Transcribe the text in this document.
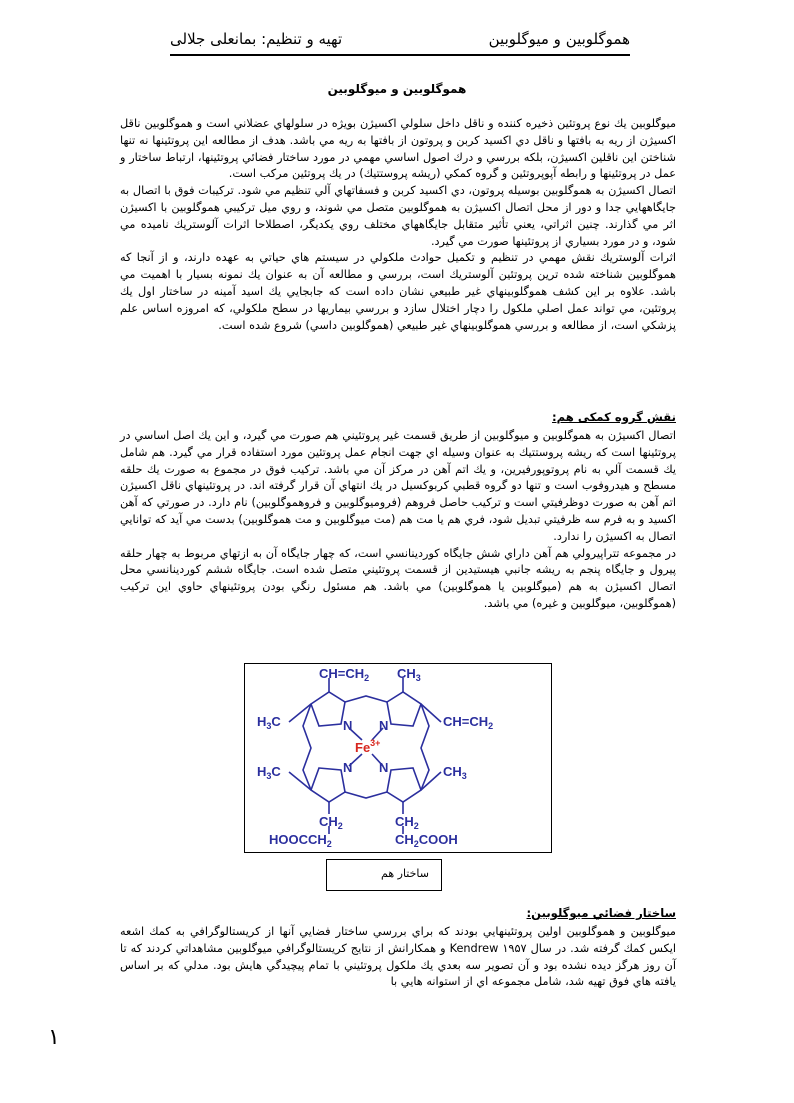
هموگلوبین و میوگلوبین
تهیه و تنظیم: بمانعلی جلالی
هموگلوبین و میوگلوبین

ميوگلوبين يك نوع پروتئين ذخيره كننده و ناقل داخل سلولي اكسيژن بويژه در سلولهاي عضلاني است و هموگلوبين ناقل اكسيژن از ريه به بافتها و ناقل دي اكسيد كربن و پروتون از بافتها به ريه مي باشد. هدف از مطالعه اين پروتئينها نه تنها شناختن اين ناقلين اكسيژن، بلكه بررسي و درك اصول اساسي مهمي در مورد ساختار فضائي پروتئينها، ارتباط ساختار و عمل در پروتئينها و رابطه آپوپروتئين و گروه كمكي (ريشه پروستتيك) در يك پروتئين مركب است.

اتصال اكسيژن به هموگلوبين بوسيله پروتون، دي اكسيد كربن و فسفاتهاي آلي تنظيم مي شود. تركيبات فوق با اتصال به جايگاههايي جدا و دور از محل اتصال اكسيژن به هموگلوبين متصل مي شوند، و روي ميل تركيبي هموگلوبين با اكسيژن اثر مي گذارند. چنين اثراتي، يعني تأثير متقابل جايگاههاي مختلف روي يكديگر، اصطلاحا اثرات آلوستريك ناميده مي شود، و در مورد بسياري از پروتئينها صورت مي گيرد.

اثرات آلوستريك نقش مهمي در تنظيم و تكميل حوادث ملكولي در سيستم هاي حياتي به عهده دارند، و از آنجا كه هموگلوبين شناخته شده ترين پروتئين آلوستريك است، بررسي و مطالعه آن به عنوان يك نمونه بسيار با اهميت مي باشد. علاوه بر اين كشف هموگلوبينهاي غير طبيعي نشان داده است كه جابجايي يك اسيد آمينه در ساختار اول يك پروتئين، مي تواند عمل اصلي ملكول را دچار اختلال سازد و بررسي بيماريها در سطح ملكولي، كه امروزه اساس علم پزشكي است، از مطالعه و بررسي هموگلوبينهاي غير طبيعي (هموگلوبين داسي) شروع شده است.

نقش گروه کمکی هم:

اتصال اكسيژن به هموگلوبين و ميوگلوبين از طريق قسمت غير پروتئيني هم صورت مي گيرد، و اين يك اصل اساسي در پروتئينها است كه ريشه پروستتيك به عنوان وسيله اي جهت انجام عمل پروتئين مورد استفاده قرار مي گيرد. هم شامل يك قسمت آلي به نام پروتوپورفيرين، و يك اتم آهن در مركز آن مي باشد. تركيب فوق در مجموع به صورت يك حلقه مسطح و هيدروفوب است و تنها دو گروه قطبي كربوكسيل در يك انتهاي آن قرار گرفته اند. در پروتئينهاي ناقل اكسيژن اتم آهن به صورت دوظرفيتي است و تركيب حاصل فروهم (فروميوگلوبين و فروهموگلوبين) نام دارد. در صورتي كه آهن اكسيد و به فرم سه ظرفيتي تبديل شود، فري هم يا مت هم (مت ميوگلوبين و مت هموگلوبين) بدست مي آيد كه توانايي اتصال به اكسيژن را ندارد.

در مجموعه تتراپيرولي هم آهن داراي شش جايگاه كوردينانسي است، كه چهار جايگاه آن به ازتهاي مربوط به چهار حلقه پيرول و جايگاه پنجم به ريشه جانبي هيستيدين از قسمت پروتئيني متصل شده است. جايگاه ششم كوردينانسي محل اتصال اكسيژن به هم (ميوگلوبين يا هموگلوبين) مي باشد. هم مسئول رنگي بودن پروتئينهاي حاوي اين تركيب (هموگلوبين، ميوگلوبين و غيره) مي باشد.

$CH=CH_2$ $CH_3$
$H_3C$	$CH=CH_2$
$H_3C$	$CH_3$
N N
N N
$Fe^{3+}$
$CH_2$	$CH_2$
$HOOCCH_2$	$CH_2COOH$
ساختار هم
ساختار فضائي ميوگلوبين:

ميوگلوبين و هموگلوبين اولين پروتئينهايي بودند كه براي بررسي ساختار فضايي آنها از كريستالوگرافي به كمك اشعه ايكس كمك گرفته شد. در سال ۱۹۵۷ Kendrew و همكارانش از نتايج كريستالوگرافي ميوگلوبين مشاهداتي كردند كه تا آن روز هرگز ديده نشده بود و آن تصوير سه بعدي يك ملكول پروتئيني با تمام پيچيدگي هايش بود. مدلي كه بر اساس يافته هاي فوق تهيه شد، شامل مجموعه اي از استوانه هايي با

١
